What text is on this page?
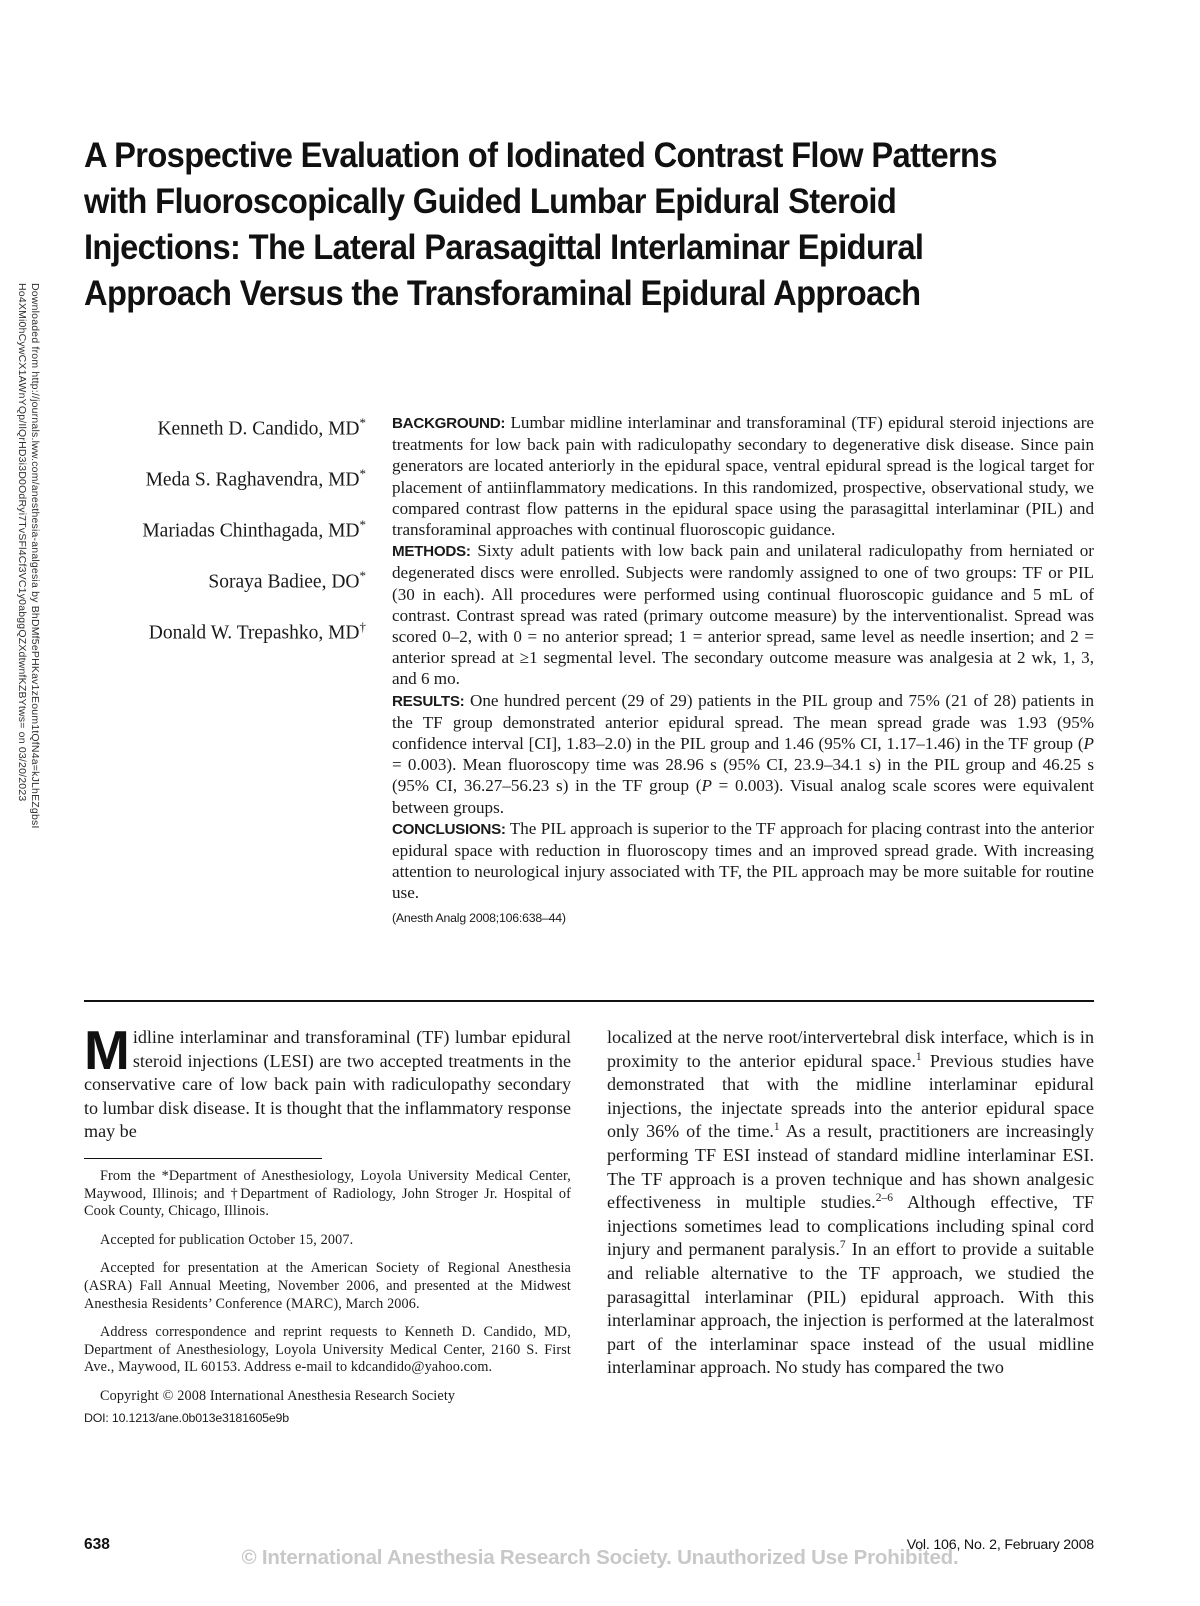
Downloaded from http://journals.lww.com/anesthesia-analgesia by BhDMf5ePHKav1zEoum1tQfN4a=kJLhEZgbsI
Ho4XMi0hCywCX1AWnYQp/IlQrHD3i3D0OdRyi7TvSFl4Cf3VC1y0abggQZXdtwnfKZBYtws= on 03/20/2023
A Prospective Evaluation of Iodinated Contrast Flow Patterns with Fluoroscopically Guided Lumbar Epidural Steroid Injections: The Lateral Parasagittal Interlaminar Epidural Approach Versus the Transforaminal Epidural Approach
Kenneth D. Candido, MD*
Meda S. Raghavendra, MD*
Mariadas Chinthagada, MD*
Soraya Badiee, DO*
Donald W. Trepashko, MD†

BACKGROUND: Lumbar midline interlaminar and transforaminal (TF) epidural steroid injections are treatments for low back pain with radiculopathy secondary to degenerative disk disease. Since pain generators are located anteriorly in the epidural space, ventral epidural spread is the logical target for placement of antiinflammatory medications. In this randomized, prospective, observational study, we compared contrast flow patterns in the epidural space using the parasagittal interlaminar (PIL) and transforaminal approaches with continual fluoroscopic guidance.

METHODS: Sixty adult patients with low back pain and unilateral radiculopathy from herniated or degenerated discs were enrolled. Subjects were randomly assigned to one of two groups: TF or PIL (30 in each). All procedures were performed using continual fluoroscopic guidance and 5 mL of contrast. Contrast spread was rated (primary outcome measure) by the interventionalist. Spread was scored 0–2, with 0 = no anterior spread; 1 = anterior spread, same level as needle insertion; and 2 = anterior spread at ≥1 segmental level. The secondary outcome measure was analgesia at 2 wk, 1, 3, and 6 mo.

RESULTS: One hundred percent (29 of 29) patients in the PIL group and 75% (21 of 28) patients in the TF group demonstrated anterior epidural spread. The mean spread grade was 1.93 (95% confidence interval [CI], 1.83–2.0) in the PIL group and 1.46 (95% CI, 1.17–1.46) in the TF group (P = 0.003). Mean fluoroscopy time was 28.96 s (95% CI, 23.9–34.1 s) in the PIL group and 46.25 s (95% CI, 36.27–56.23 s) in the TF group (P = 0.003). Visual analog scale scores were equivalent between groups.

CONCLUSIONS: The PIL approach is superior to the TF approach for placing contrast into the anterior epidural space with reduction in fluoroscopy times and an improved spread grade. With increasing attention to neurological injury associated with TF, the PIL approach may be more suitable for routine use.

(Anesth Analg 2008;106:638–44)

Midline interlaminar and transforaminal (TF) lumbar epidural steroid injections (LESI) are two accepted treatments in the conservative care of low back pain with radiculopathy secondary to lumbar disk disease. It is thought that the inflammatory response may be

From the *Department of Anesthesiology, Loyola University Medical Center, Maywood, Illinois; and †Department of Radiology, John Stroger Jr. Hospital of Cook County, Chicago, Illinois.

Accepted for publication October 15, 2007.

Accepted for presentation at the American Society of Regional Anesthesia (ASRA) Fall Annual Meeting, November 2006, and presented at the Midwest Anesthesia Residents’ Conference (MARC), March 2006.

Address correspondence and reprint requests to Kenneth D. Candido, MD, Department of Anesthesiology, Loyola University Medical Center, 2160 S. First Ave., Maywood, IL 60153. Address e-mail to kdcandido@yahoo.com.

Copyright © 2008 International Anesthesia Research Society

DOI: 10.1213/ane.0b013e3181605e9b

localized at the nerve root/intervertebral disk interface, which is in proximity to the anterior epidural space.$^1$ Previous studies have demonstrated that with the midline interlaminar epidural injections, the injectate spreads into the anterior epidural space only 36% of the time.$^1$ As a result, practitioners are increasingly performing TF ESI instead of standard midline interlaminar ESI. The TF approach is a proven technique and has shown analgesic effectiveness in multiple studies.$^{2-6}$ Although effective, TF injections sometimes lead to complications including spinal cord injury and permanent paralysis.$^7$ In an effort to provide a suitable and reliable alternative to the TF approach, we studied the parasagittal interlaminar (PIL) epidural approach. With this interlaminar approach, the injection is performed at the lateralmost part of the interlaminar space instead of the usual midline interlaminar approach. No study has compared the two

638	Vol. 106, No. 2, February 2008
© International Anesthesia Research Society. Unauthorized Use Prohibited.
